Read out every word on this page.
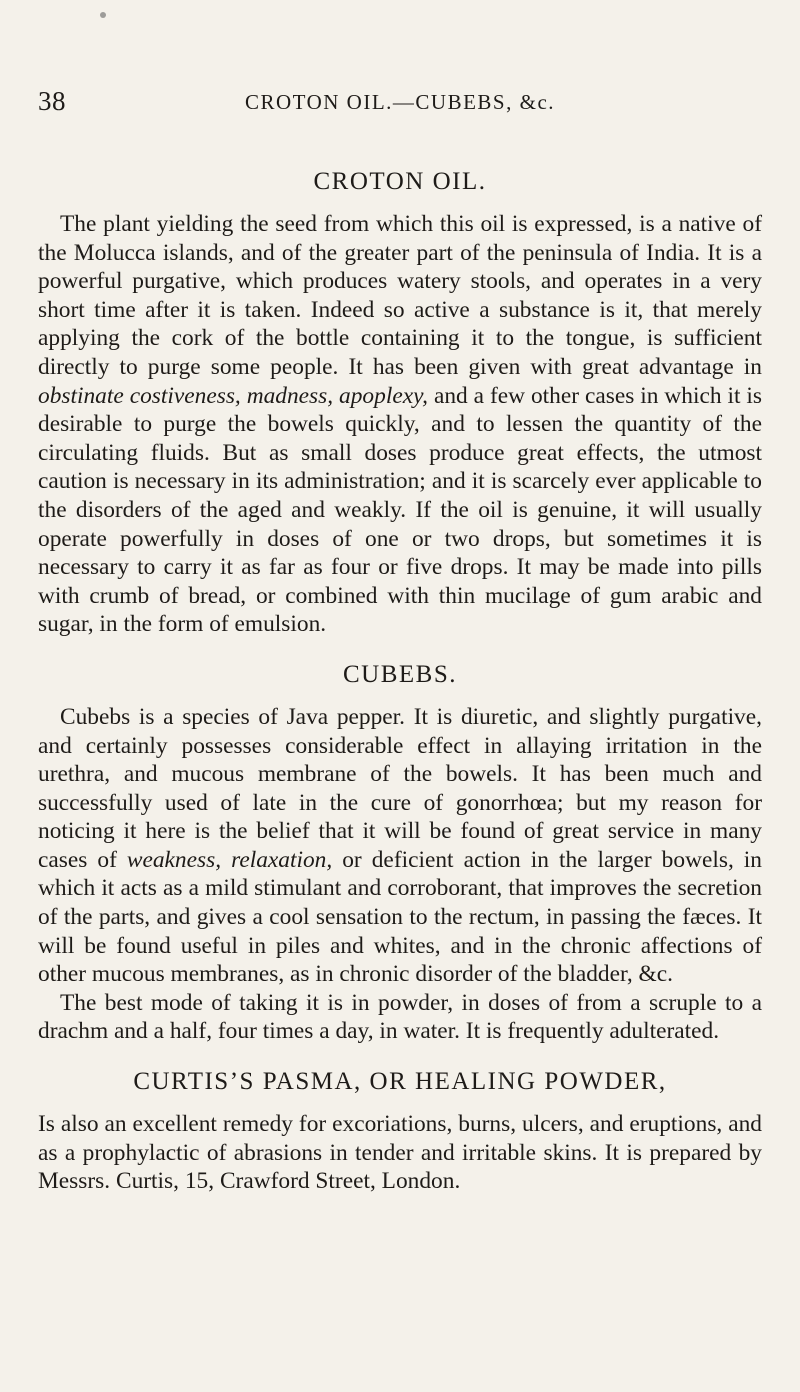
38	CROTON OIL.—CUBEBS, &c.
CROTON OIL.

The plant yielding the seed from which this oil is expressed, is a native of the Molucca islands, and of the greater part of the peninsula of India. It is a powerful purgative, which produces watery stools, and operates in a very short time after it is taken. Indeed so active a substance is it, that merely applying the cork of the bottle containing it to the tongue, is sufficient directly to purge some people. It has been given with great advantage in obstinate costiveness, madness, apoplexy, and a few other cases in which it is desirable to purge the bowels quickly, and to lessen the quantity of the circulating fluids. But as small doses produce great effects, the utmost caution is necessary in its administration; and it is scarcely ever applicable to the disorders of the aged and weakly. If the oil is genuine, it will usually operate powerfully in doses of one or two drops, but sometimes it is necessary to carry it as far as four or five drops. It may be made into pills with crumb of bread, or combined with thin mucilage of gum arabic and sugar, in the form of emulsion.

CUBEBS.

Cubebs is a species of Java pepper. It is diuretic, and slightly purgative, and certainly possesses considerable effect in allaying irritation in the urethra, and mucous membrane of the bowels. It has been much and successfully used of late in the cure of gonorrhœa; but my reason for noticing it here is the belief that it will be found of great service in many cases of weakness, relaxation, or deficient action in the larger bowels, in which it acts as a mild stimulant and corroborant, that improves the secretion of the parts, and gives a cool sensation to the rectum, in passing the fæces. It will be found useful in piles and whites, and in the chronic affections of other mucous membranes, as in chronic disorder of the bladder, &c.

The best mode of taking it is in powder, in doses of from a scruple to a drachm and a half, four times a day, in water. It is frequently adulterated.

CURTIS’S PASMA, OR HEALING POWDER,

Is also an excellent remedy for excoriations, burns, ulcers, and eruptions, and as a prophylactic of abrasions in tender and irritable skins. It is prepared by Messrs. Curtis, 15, Crawford Street, London.
